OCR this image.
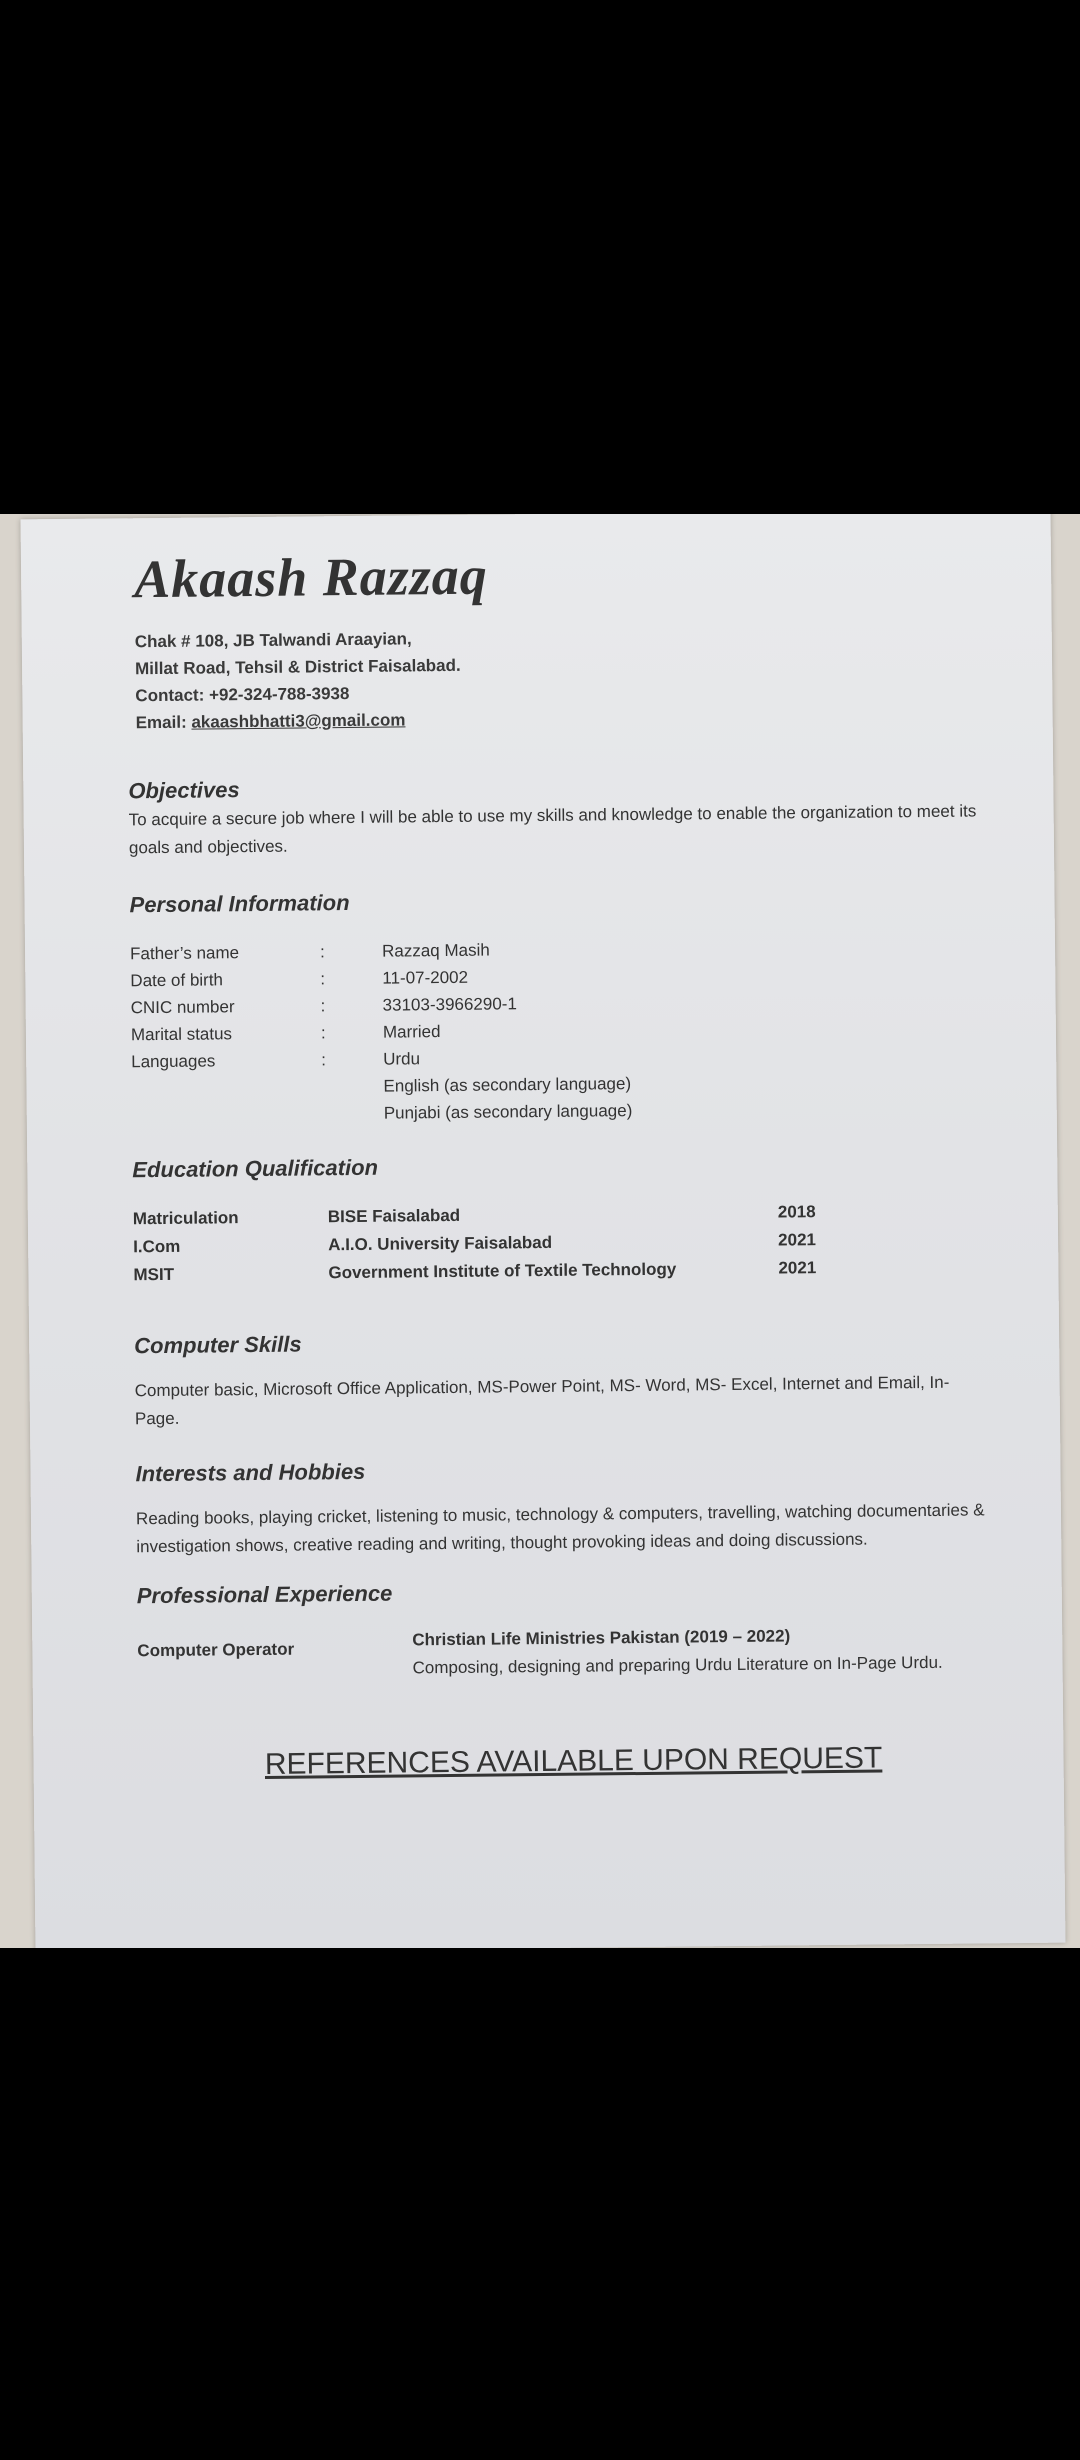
Akaash Razzaq
Chak # 108, JB Talwandi Araayian,
Millat Road, Tehsil & District Faisalabad.
Contact: +92-324-788-3938
Email: akaashbhatti3@gmail.com
Objectives
To acquire a secure job where I will be able to use my skills and knowledge to enable the organization to meet its goals and objectives.
Personal Information
Father’s name	:	Razzaq Masih
Date of birth	:	11-07-2002
CNIC number	:	33103-3966290-1
Marital status	:	Married
Languages	:	Urdu
English (as secondary language)
Punjabi (as secondary language)
Education Qualification
Matriculation	BISE Faisalabad	2018
I.Com	A.I.O. University Faisalabad	2021
MSIT	Government Institute of Textile Technology	2021
Computer Skills
Computer basic, Microsoft Office Application, MS-Power Point, MS- Word, MS- Excel, Internet and Email, In-Page.
Interests and Hobbies
Reading books, playing cricket, listening to music, technology & computers, travelling, watching documentaries & investigation shows, creative reading and writing, thought provoking ideas and doing discussions.
Professional Experience
Computer Operator
Christian Life Ministries Pakistan (2019 – 2022)
Composing, designing and preparing Urdu Literature on In-Page Urdu.
REFERENCES AVAILABLE UPON REQUEST
